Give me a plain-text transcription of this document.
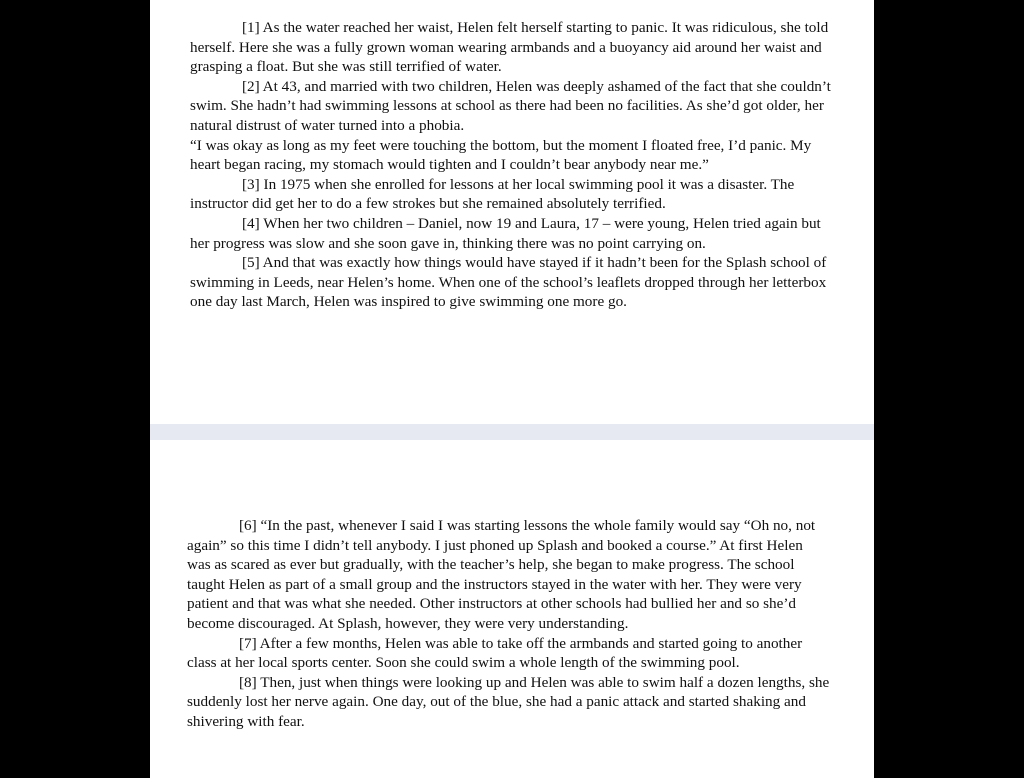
[1] As the water reached her waist, Helen felt herself starting to panic. It was ridiculous, she told herself. Here she was a fully grown woman wearing armbands and a buoyancy aid around her waist and grasping a float. But she was still terrified of water.

[2] At 43, and married with two children, Helen was deeply ashamed of the fact that she couldn’t swim. She hadn’t had swimming lessons at school as there had been no facilities. As she’d got older, her natural distrust of water turned into a phobia.

“I was okay as long as my feet were touching the bottom, but the moment I floated free, I’d panic. My heart began racing, my stomach would tighten and I couldn’t bear anybody near me.”

[3] In 1975 when she enrolled for lessons at her local swimming pool it was a disaster. The instructor did get her to do a few strokes but she remained absolutely terrified.

[4] When her two children – Daniel, now 19 and Laura, 17 – were young, Helen tried again but her progress was slow and she soon gave in, thinking there was no point carrying on.

[5] And that was exactly how things would have stayed if it hadn’t been for the Splash school of swimming in Leeds, near Helen’s home. When one of the school’s leaflets dropped through her letterbox one day last March, Helen was inspired to give swimming one more go.

[6] “In the past, whenever I said I was starting lessons the whole family would say “Oh no, not again” so this time I didn’t tell anybody. I just phoned up Splash and booked a course.” At first Helen was as scared as ever but gradually, with the teacher’s help, she began to make progress. The school taught Helen as part of a small group and the instructors stayed in the water with her. They were very patient and that was what she needed. Other instructors at other schools had bullied her and so she’d become discouraged. At Splash, however, they were very understanding.

[7] After a few months, Helen was able to take off the armbands and started going to another class at her local sports center. Soon she could swim a whole length of the swimming pool.

[8] Then, just when things were looking up and Helen was able to swim half a dozen lengths, she suddenly lost her nerve again. One day, out of the blue, she had a panic attack and started shaking and shivering with fear.
